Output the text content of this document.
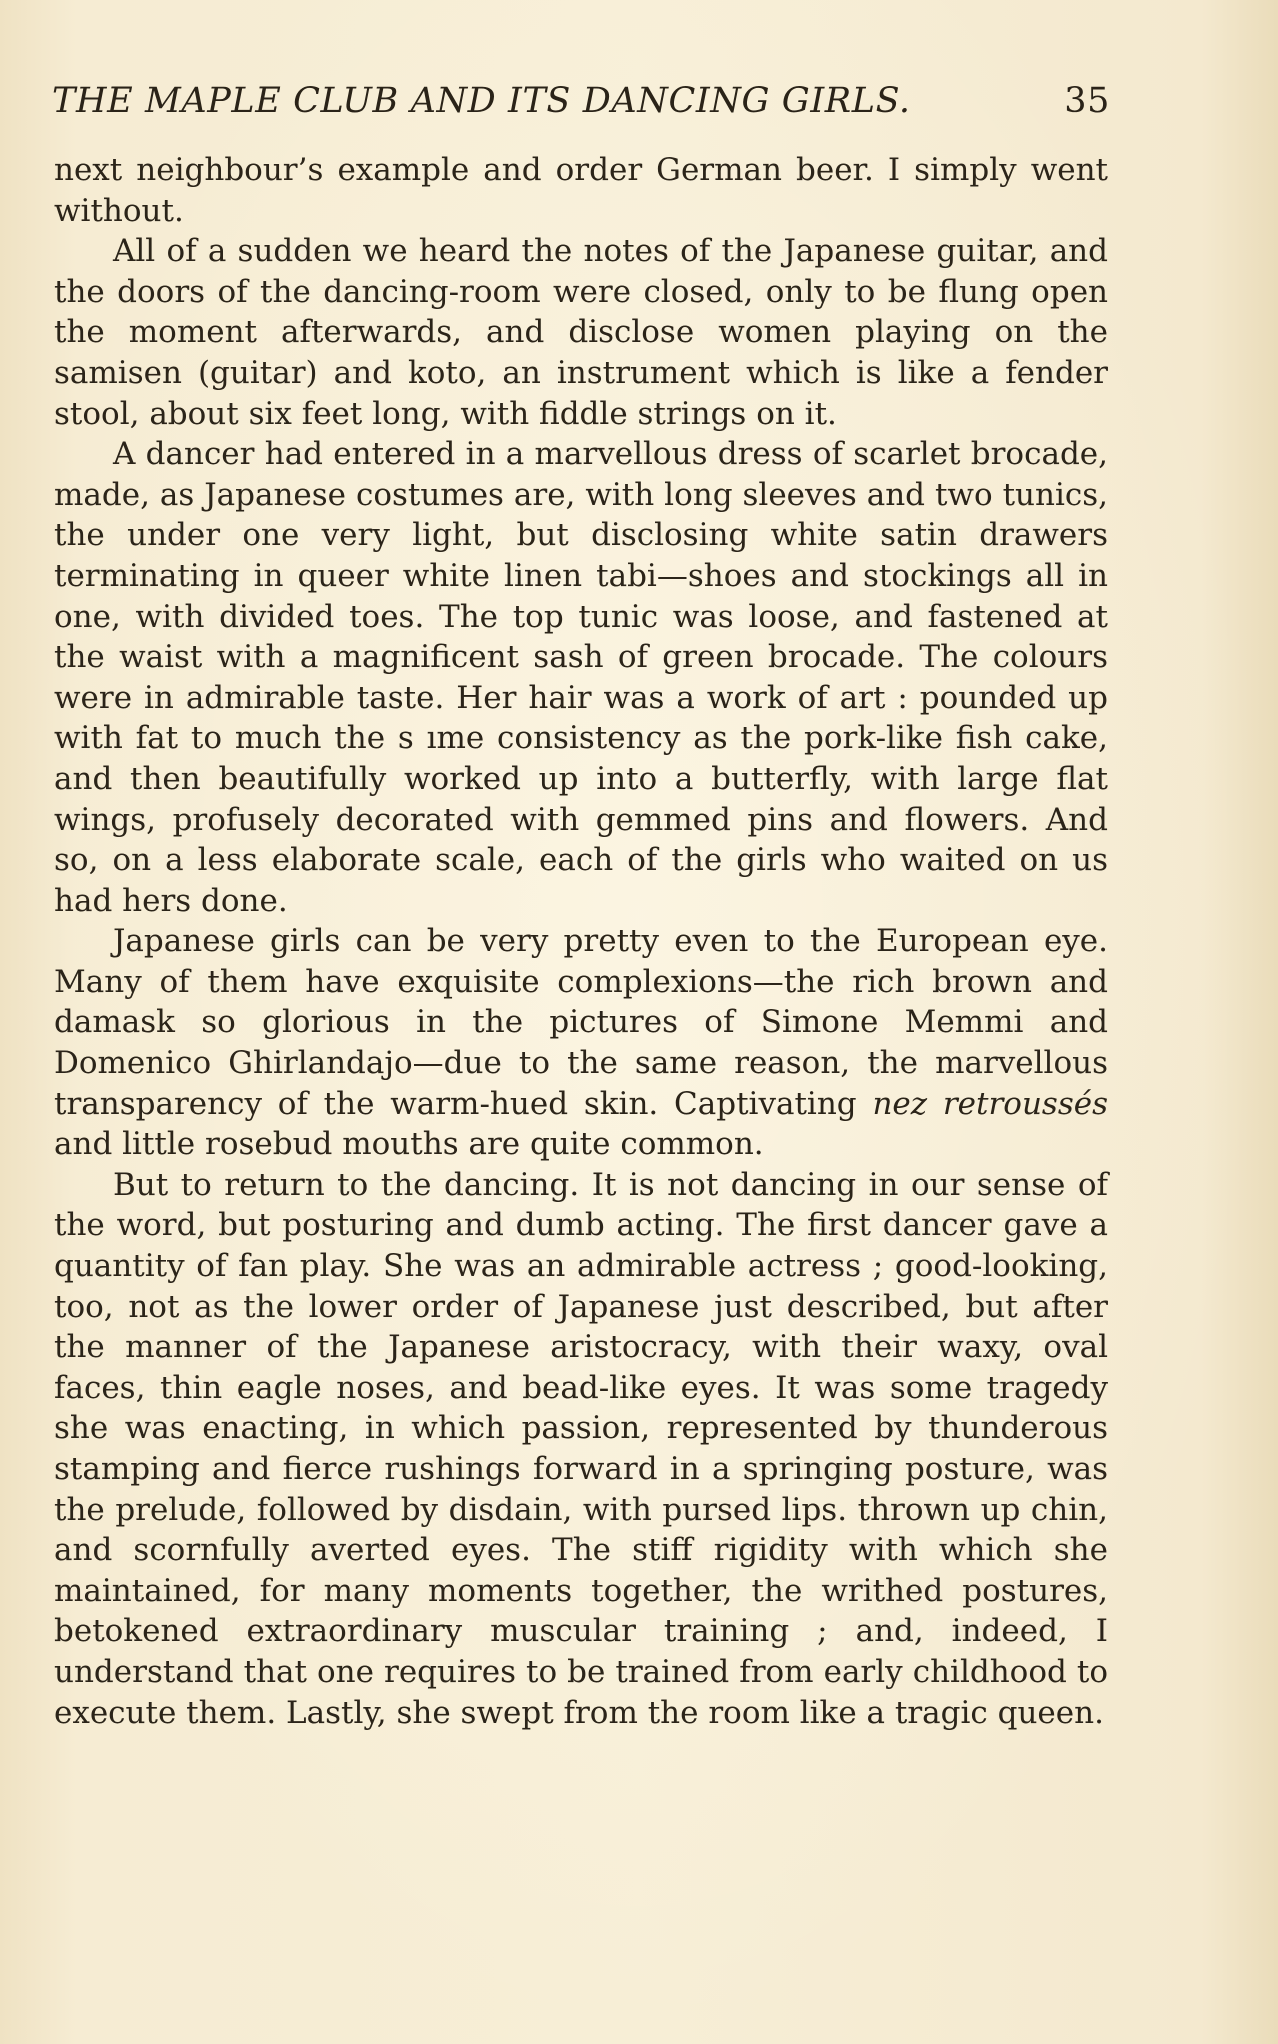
THE MAPLE CLUB AND ITS DANCING GIRLS.	35

next neighbour’s example and order German beer. I simply went without.

All of a sudden we heard the notes of the Japanese guitar, and the doors of the dancing-room were closed, only to be flung open the moment afterwards, and disclose women playing on the samisen (guitar) and koto, an instrument which is like a fender stool, about six feet long, with fiddle strings on it.

A dancer had entered in a marvellous dress of scarlet brocade, made, as Japanese costumes are, with long sleeves and two tunics, the under one very light, but disclosing white satin drawers terminating in queer white linen tabi—shoes and stockings all in one, with divided toes. The top tunic was loose, and fastened at the waist with a magnificent sash of green brocade. The colours were in admirable taste. Her hair was a work of art : pounded up with fat to much the s ıme consistency as the pork-like fish cake, and then beautifully worked up into a butterfly, with large flat wings, profusely decorated with gemmed pins and flowers. And so, on a less elaborate scale, each of the girls who waited on us had hers done.

Japanese girls can be very pretty even to the European eye. Many of them have exquisite complexions—the rich brown and damask so glorious in the pictures of Simone Memmi and Domenico Ghirlandajo—due to the same reason, the marvellous transparency of the warm-hued skin. Captivating nez retroussés and little rosebud mouths are quite common.

But to return to the dancing. It is not dancing in our sense of the word, but posturing and dumb acting. The first dancer gave a quantity of fan play. She was an admirable actress ; good-looking, too, not as the lower order of Japanese just described, but after the manner of the Japanese aristocracy, with their waxy, oval faces, thin eagle noses, and bead-like eyes. It was some tragedy she was enacting, in which passion, represented by thunderous stamping and fierce rushings forward in a springing posture, was the prelude, followed by disdain, with pursed lips. thrown up chin, and scornfully averted eyes. The stiff rigidity with which she maintained, for many moments together, the writhed postures, betokened extraordinary muscular training ; and, indeed, I understand that one requires to be trained from early childhood to execute them. Lastly, she swept from the room like a tragic queen.
